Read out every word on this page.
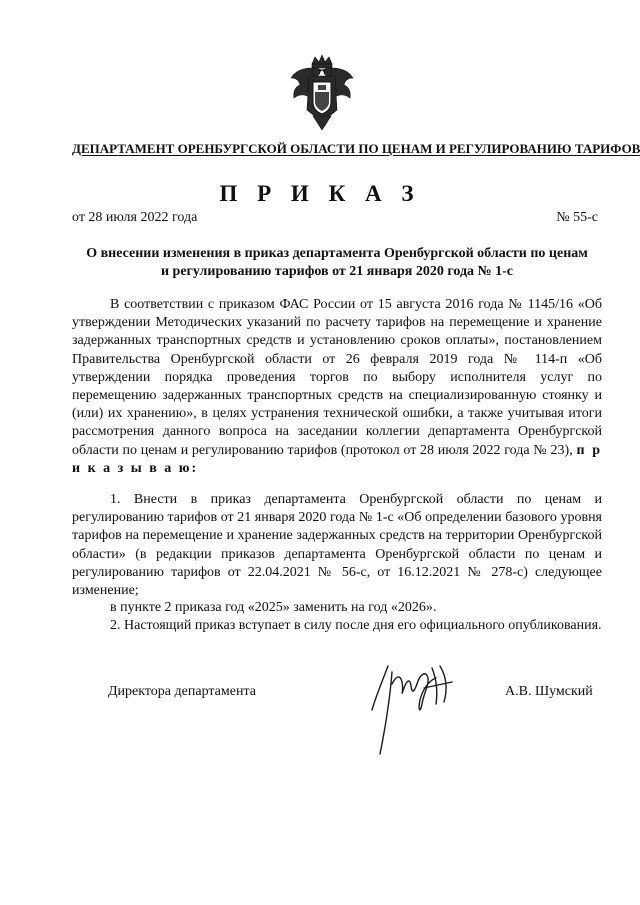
ДЕПАРТАМЕНТ ОРЕНБУРГСКОЙ ОБЛАСТИ ПО ЦЕНАМ И РЕГУЛИРОВАНИЮ ТАРИФОВ
П Р И К А З
от 28 июля 2022 года	№ 55-с
О внесении изменения в приказ департамента Оренбургской области по ценам
и регулированию тарифов от 21 января 2020 года № 1-с
В соответствии с приказом ФАС России от 15 августа 2016 года № 1145/16 «Об утверждении Методических указаний по расчету тарифов на перемещение и хранение задержанных транспортных средств и установлению сроков оплаты», постановлением Правительства Оренбургской области от 26 февраля 2019 года № 114-п «Об утверждении порядка проведения торгов по выбору исполнителя услуг по перемещению задержанных транспортных средств на специализированную стоянку и (или) их хранению», в целях устранения технической ошибки, а также учитывая итоги рассмотрения данного вопроса на заседании коллегии департамента Оренбургской области по ценам и регулированию тарифов (протокол от 28 июля 2022 года № 23), п р и к а з ы в а ю:
1. Внести в приказ департамента Оренбургской области по ценам и регулированию тарифов от 21 января 2020 года № 1-с «Об определении базового уровня тарифов на перемещение и хранение задержанных средств на территории Оренбургской области» (в редакции приказов департамента Оренбургской области по ценам и регулированию тарифов от 22.04.2021 № 56-с, от 16.12.2021 № 278-с) следующее изменение;
в пункте 2 приказа год «2025» заменить на год «2026».
2. Настоящий приказ вступает в силу после дня его официального опубликования.
Директора департамента	А.В. Шумский
